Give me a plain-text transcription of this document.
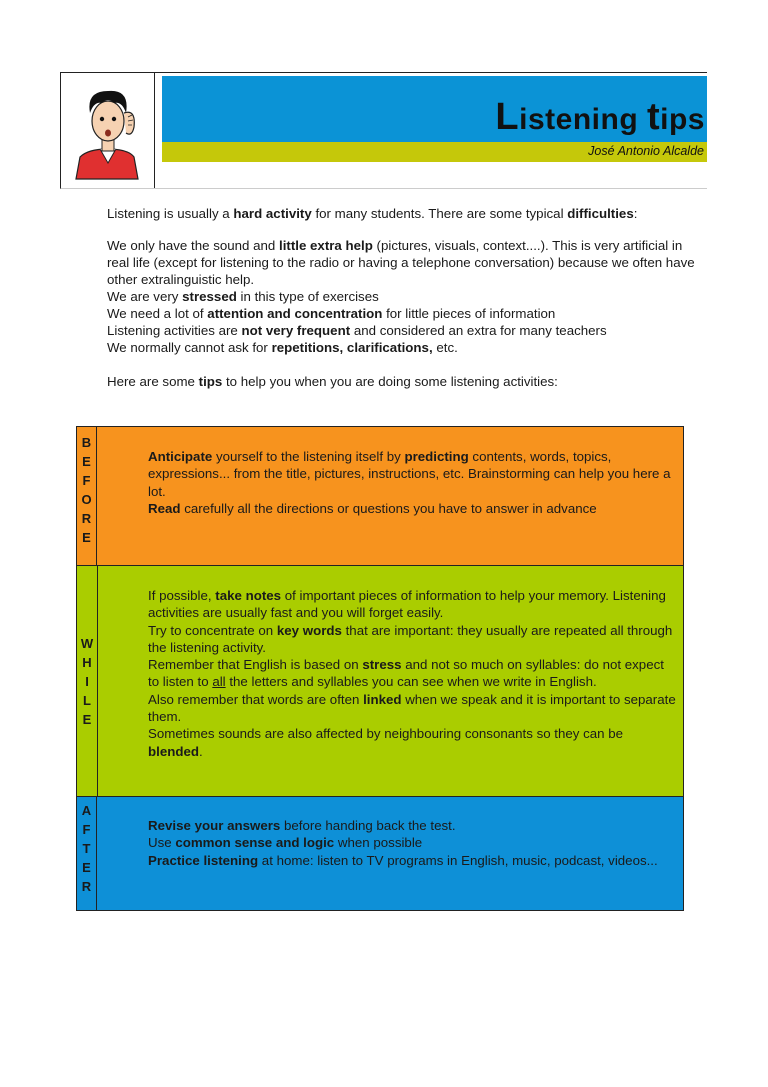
Listening tips
José Antonio Alcalde
Listening is usually a hard activity for many students. There are some typical difficulties:
We only have the sound and little extra help (pictures, visuals, context....). This is very artificial in real life (except for listening to the radio or having a telephone conversation) because we often have other extralinguistic help.
We are very stressed in this type of exercises
We need a lot of attention and concentration for little pieces of information
Listening activities are not very frequent and considered an extra for many teachers
We normally cannot ask for repetitions, clarifications, etc.
Here are some tips to help you when you are doing some listening activities:
B
E
F
O
R
E
Anticipate yourself to the listening itself by predicting contents, words, topics, expressions... from the title, pictures, instructions, etc. Brainstorming can help you here a lot.
Read carefully all the directions or questions you have to answer in advance
W
H
I
L
E
If possible, take notes of important pieces of information to help your memory. Listening activities are usually fast and you will forget easily.
Try to concentrate on key words that are important: they usually are repeated all through the listening activity.
Remember that English is based on stress and not so much on syllables: do not expect to listen to all the letters and syllables you can see when we write in English.
Also remember that words are often linked when we speak and it is important to separate them.
Sometimes sounds are also affected by neighbouring consonants so they can be blended.
A
F
T
E
R
Revise your answers before handing back the test.
Use common sense and logic when possible
Practice listening at home: listen to TV programs in English, music, podcast, videos...
